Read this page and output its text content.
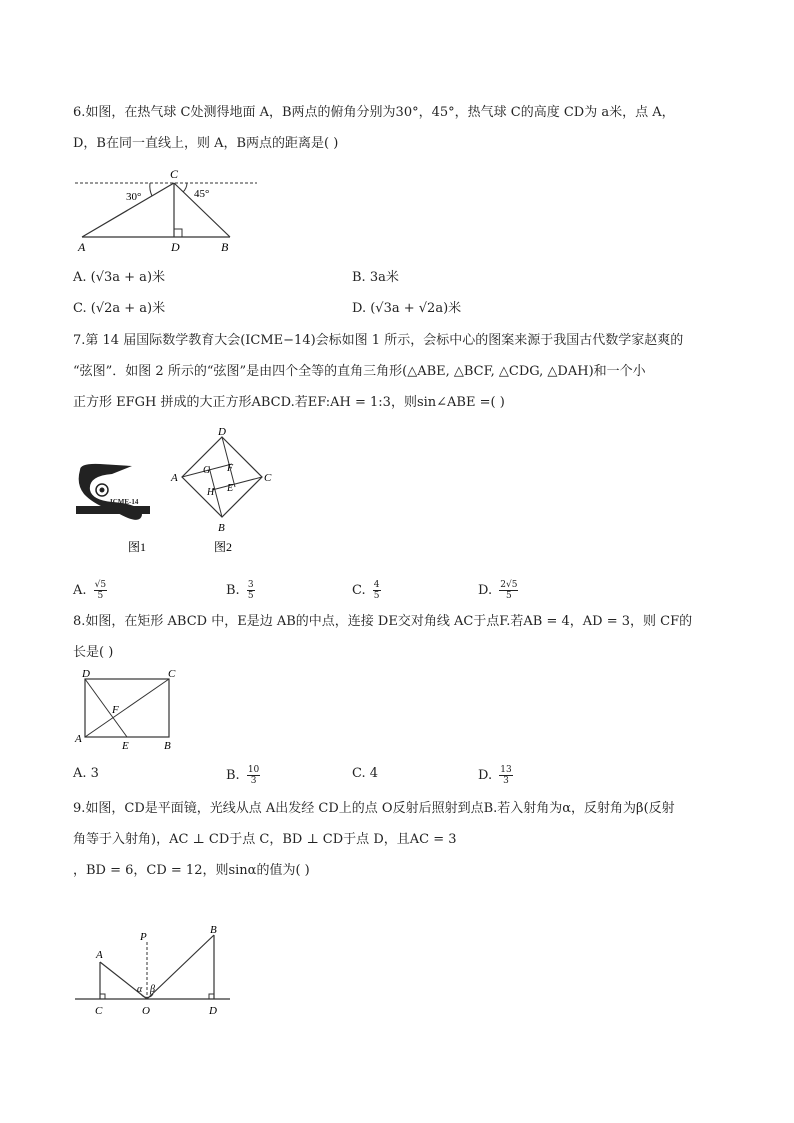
6.如图，在热气球 C处测得地面 A，B两点的俯角分别为30°，45°，热气球 C的高度 CD为 a米，点 A，
D，B在同一直线上，则 A，B两点的距离是( )
C
A	D	B
30°	45°
A. (√3a + a)米	B. 3a米
C. (√2a + a)米	D. (√3a + √2a)米
7.第 14 届国际数学教育大会(ICME−14)会标如图 1 所示，会标中心的图案来源于我国古代数学家赵爽的
“弦图”．如图 2 所示的“弦图”是由四个全等的直角三角形(△ABE, △BCF, △CDG, △DAH)和一个小
正方形 EFGH 拼成的大正方形ABCD.若EF:AH = 1:3，则sin∠ABE =( )
ICME-14
图1
D
A	C
B
G F
H E
图2
A. $\frac{√5}{5}$	B. $\frac{3}{5}$	C. $\frac{4}{5}$	D. $\frac{2√5}{5}$
8.如图，在矩形 ABCD 中，E是边 AB的中点，连接 DE交对角线 AC于点F.若AB = 4，AD = 3，则 CF的
长是( )
D	C
A
E	B
F
A. 3	B. $\frac{10}{3}$	C. 4	D. $\frac{13}{3}$
9.如图，CD是平面镜，光线从点 A出发经 CD上的点 O反射后照射到点B.若入射角为α，反射角为β(反射
角等于入射角)，AC ⊥ CD于点 C，BD ⊥ CD于点 D，且AC = 3
，BD = 6，CD = 12，则sinα的值为( )
A
B
P
C	O	D
α β
